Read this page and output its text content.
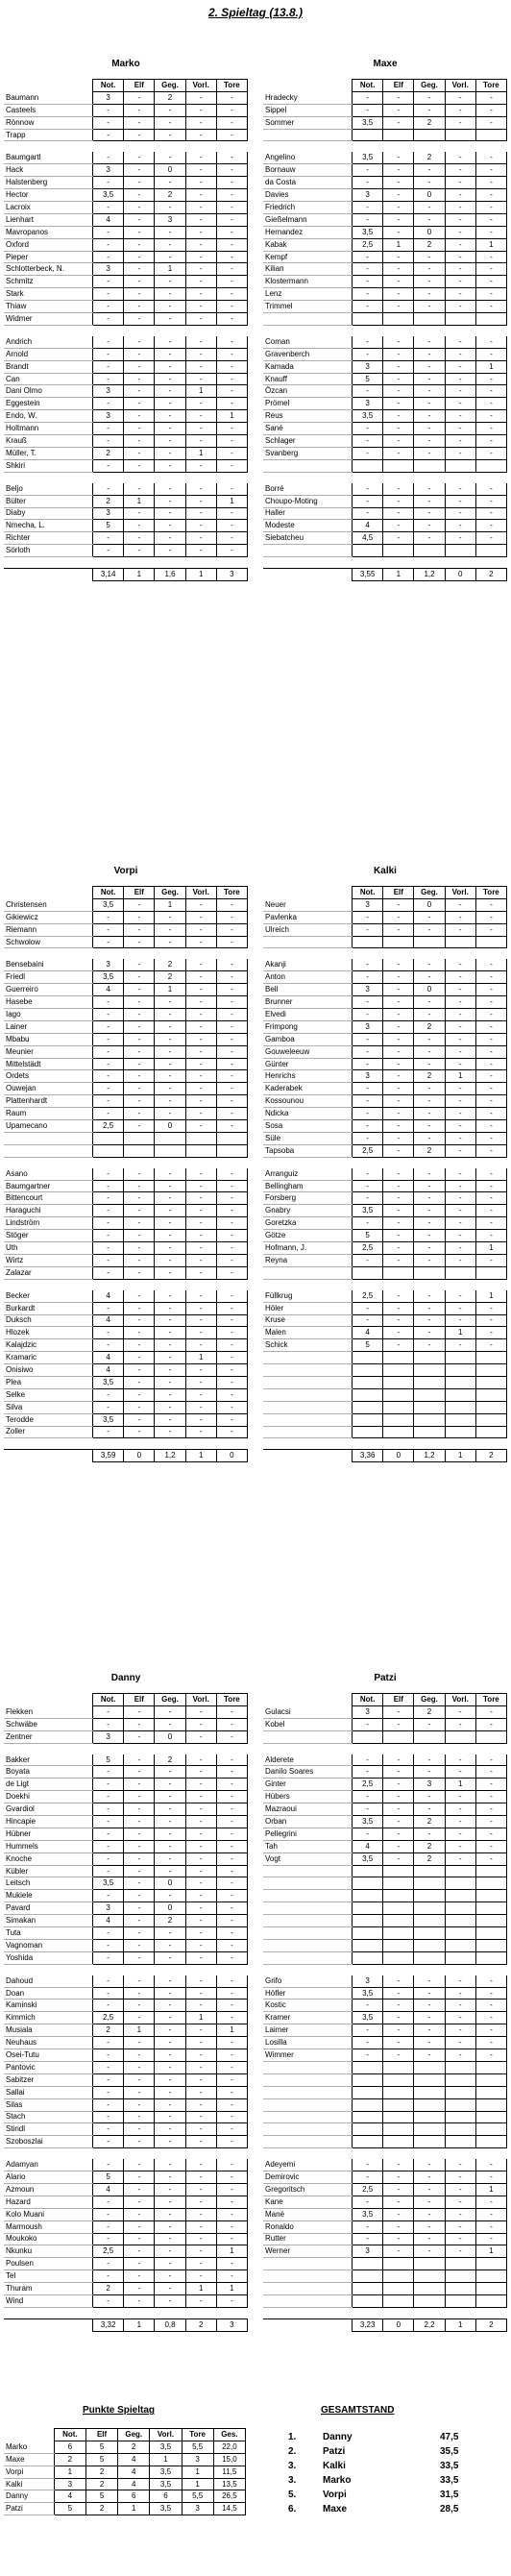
2. Spieltag (13.8.)
Marko
	Not.	Elf	Geg.	Vorl.	Tore
Baumann	3	-	2	-	-
Casteels	-	-	-	-	-
Rönnow	-	-	-	-	-
Trapp	-	-	-	-	-

Baumgartl	-	-	-	-	-
Hack	3	-	0	-	-
Halstenberg	-	-	-	-	-
Hector	3,5	-	2	-	-
Lacroix	-	-	-	-	-
Lienhart	4	-	3	-	-
Mavropanos	-	-	-	-	-
Oxford	-	-	-	-	-
Pieper	-	-	-	-	-
Schlotterbeck, N.	3	-	1	-	-
Schmitz	-	-	-	-	-
Stark	-	-	-	-	-
Thiaw	-	-	-	-	-
Widmer	-	-	-	-	-

Andrich	-	-	-	-	-
Arnold	-	-	-	-	-
Brandt	-	-	-	-	-
Can	-	-	-	-	-
Dani Olmo	3	-	-	1	-
Eggestein	-	-	-	-	-
Endo, W.	3	-	-	-	1
Holtmann	-	-	-	-	-
Krauß	-	-	-	-	-
Müller, T.	2	-	-	1	-
Shkiri	-	-	-	-	-

Beljo	-	-	-	-	-
Bülter	2	1	-	-	1
Diaby	3	-	-	-	-
Nmecha, L.	5	-	-	-	-
Richter	-	-	-	-	-
Sörloth	-	-	-	-	-

	3,14	1	1,6	1	3
Maxe
	Not.	Elf	Geg.	Vorl.	Tore
Hradecky	-	-	-	-	-
Sippel	-	-	-	-	-
Sommer	3,5	-	2	-	-

Angelino	3,5	-	2	-	-
Bornauw	-	-	-	-	-
da Costa	-	-	-	-	-
Davies	3	-	0	-	-
Friedrich	-	-	-	-	-
Gießelmann	-	-	-	-	-
Hernandez	3,5	-	0	-	-
Kabak	2,5	1	2	-	1
Kempf	-	-	-	-	-
Kilian	-	-	-	-	-
Klostermann	-	-	-	-	-
Lenz	-	-	-	-	-
Trimmel	-	-	-	-	-

Coman	-	-	-	-	-
Gravenberch	-	-	-	-	-
Kamada	3	-	-	-	1
Knauff	5	-	-	-	-
Özcan	-	-	-	-	-
Prömel	3	-	-	-	-
Reus	3,5	-	-	-	-
Sané	-	-	-	-	-
Schlager	-	-	-	-	-
Svanberg	-	-	-	-	-

Borré	-	-	-	-	-
Choupo-Moting	-	-	-	-	-
Haller	-	-	-	-	-
Modeste	4	-	-	-	-
Siebatcheu	4,5	-	-	-	-

	3,55	1	1,2	0	2
Vorpi
	Not.	Elf	Geg.	Vorl.	Tore
Christensen	3,5	-	1	-	-
Gikiewicz	-	-	-	-	-
Riemann	-	-	-	-	-
Schwolow	-	-	-	-	-

Bensebaini	3	-	2	-	-
Friedl	3,5	-	2	-	-
Guerreiro	4	-	1	-	-
Hasebe	-	-	-	-	-
Iago	-	-	-	-	-
Lainer	-	-	-	-	-
Mbabu	-	-	-	-	-
Meunier	-	-	-	-	-
Mittelstädt	-	-	-	-	-
Ordets	-	-	-	-	-
Ouwejan	-	-	-	-	-
Plattenhardt	-	-	-	-	-
Raum	-	-	-	-	-
Upamecano	2,5	-	0	-	-

Asano	-	-	-	-	-
Baumgartner	-	-	-	-	-
Bittencourt	-	-	-	-	-
Haraguchi	-	-	-	-	-
Lindström	-	-	-	-	-
Stöger	-	-	-	-	-
Uth	-	-	-	-	-
Wirtz	-	-	-	-	-
Zalazar	-	-	-	-	-

Becker	4	-	-	-	-
Burkardt	-	-	-	-	-
Duksch	4	-	-	-	-
Hlozek	-	-	-	-	-
Kalajdzic	-	-	-	-	-
Kramaric	4	-	-	1	-
Onisiwo	4	-	-	-	-
Plea	3,5	-	-	-	-
Selke	-	-	-	-	-
Silva	-	-	-	-	-
Terodde	3,5	-	-	-	-
Zoller	-	-	-	-	-

	3,59	0	1,2	1	0
Kalki
	Not.	Elf	Geg.	Vorl.	Tore
Neuer	3	-	0	-	-
Pavlenka	-	-	-	-	-
Ulreich	-	-	-	-	-

Akanji	-	-	-	-	-
Anton	-	-	-	-	-
Bell	3	-	0	-	-
Brunner	-	-	-	-	-
Elvedi	-	-	-	-	-
Frimpong	3	-	2	-	-
Gamboa	-	-	-	-	-
Gouweleeuw	-	-	-	-	-
Günter	-	-	-	-	-
Henrichs	3	-	2	1	-
Kaderabek	-	-	-	-	-
Kossounou	-	-	-	-	-
Ndicka	-	-	-	-	-
Sosa	-	-	-	-	-
Süle	-	-	-	-	-
Tapsoba	2,5	-	2	-	-

Arranguiz	-	-	-	-	-
Bellingham	-	-	-	-	-
Forsberg	-	-	-	-	-
Gnabry	3,5	-	-	-	-
Goretzka	-	-	-	-	-
Götze	5	-	-	-	-
Hofmann, J.	2,5	-	-	-	1
Reyna	-	-	-	-	-

Füllkrug	2,5	-	-	-	1
Höler	-	-	-	-	-
Kruse	-	-	-	-	-
Malen	4	-	-	1	-
Schick	5	-	-	-	-

	3,36	0	1,2	1	2
Danny
	Not.	Elf	Geg.	Vorl.	Tore
Flekken	-	-	-	-	-
Schwäbe	-	-	-	-	-
Zentner	3	-	0	-	-

Bakker	5	-	2	-	-
Boyata	-	-	-	-	-
de Ligt	-	-	-	-	-
Doekhi	-	-	-	-	-
Gvardiol	-	-	-	-	-
Hincapie	-	-	-	-	-
Hübner	-	-	-	-	-
Hummels	-	-	-	-	-
Knoche	-	-	-	-	-
Kübler	-	-	-	-	-
Leitsch	3,5	-	0	-	-
Mukiele	-	-	-	-	-
Pavard	3	-	0	-	-
Simakan	4	-	2	-	-
Tuta	-	-	-	-	-
Vagnoman	-	-	-	-	-
Yoshida	-	-	-	-	-

Dahoud	-	-	-	-	-
Doan	-	-	-	-	-
Kaminski	-	-	-	-	-
Kimmich	2,5	-	-	1	-
Musiala	2	1	-	-	1
Neuhaus	-	-	-	-	-
Osei-Tutu	-	-	-	-	-
Pantovic	-	-	-	-	-
Sabitzer	-	-	-	-	-
Sallai	-	-	-	-	-
Silas	-	-	-	-	-
Stach	-	-	-	-	-
Stindl	-	-	-	-	-
Szoboszlai	-	-	-	-	-

Adamyan	-	-	-	-	-
Alario	5	-	-	-	-
Azmoun	4	-	-	-	-
Hazard	-	-	-	-	-
Kolo Muani	-	-	-	-	-
Marmoush	-	-	-	-	-
Moukoko	-	-	-	-	-
Nkunku	2,5	-	-	-	1
Poulsen	-	-	-	-	-
Tel	-	-	-	-	-
Thuram	2	-	-	1	1
Wind	-	-	-	-	-

	3,32	1	0,8	2	3
Patzi
	Not.	Elf	Geg.	Vorl.	Tore
Gulacsi	3	-	2	-	-
Kobel	-	-	-	-	-

Alderete	-	-	-	-	-
Danilo Soares	-	-	-	-	-
Ginter	2,5	-	3	1	-
Hübers	-	-	-	-	-
Mazraoui	-	-	-	-	-
Orban	3,5	-	2	-	-
Pellegrini	-	-	-	-	-
Tah	4	-	2	-	-
Vogt	3,5	-	2	-	-

Grifo	3	-	-	-	-
Höfler	3,5	-	-	-	-
Kostic	-	-	-	-	-
Kramer	3,5	-	-	-	-
Laimer	-	-	-	-	-
Losilla	-	-	-	-	-
Wimmer	-	-	-	-	-

Adeyemi	-	-	-	-	-
Demirovic	-	-	-	-	-
Gregoritsch	2,5	-	-	-	1
Kane	-	-	-	-	-
Mané	3,5	-	-	-	-
Ronaldo	-	-	-	-	-
Rutter	-	-	-	-	-
Werner	3	-	-	-	1

	3,23	0	2,2	1	2
Punkte Spieltag
	Not.	Elf	Geg.	Vorl.	Tore	Ges.
Marko	6	5	2	3,5	5,5	22,0
Maxe	2	5	4	1	3	15,0
Vorpi	1	2	4	3,5	1	11,5
Kalki	3	2	4	3,5	1	13,5
Danny	4	5	6	6	5,5	26,5
Patzi	5	2	1	3,5	3	14,5
GESAMTSTAND
1.	Danny	47,5
2.	Patzi	35,5
3.	Kalki	33,5
3.	Marko	33,5
5.	Vorpi	31,5
6.	Maxe	28,5
